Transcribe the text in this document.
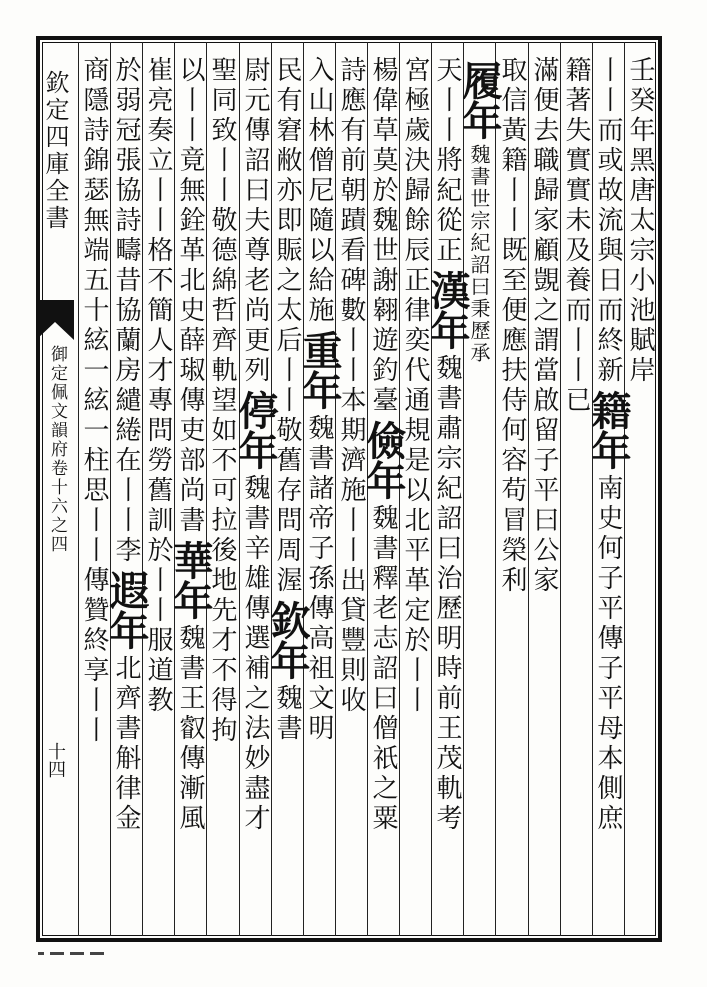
欽定四庫全書
御定佩文韻府卷十六之四
十四
壬癸年黑唐太宗小池賦岸
丨丨而或故流與日而終新籍年南史何子平傳子平母本側庶
籍著失實實未及養而丨丨已
滿便去職歸家顧覬之謂當啟留子平曰公家
取信黃籍丨丨既至便應扶侍何容苟冒榮利
履年魏書世宗紀詔曰秉歷承
天丨丨將紀從正漢年魏書肅宗紀詔曰治歷明時前王茂軌考
宮極歲決歸餘辰正律奕代通規是以北平革定於丨丨
楊偉草莫於魏世謝翱遊釣臺儉年魏書釋老志詔曰僧祇之粟
詩應有前朝蹟看碑數丨丨本期濟施丨丨出貸豐則收
入山林僧尼隨以給施重年魏書諸帝子孫傳高祖文明
民有窘敝亦即賑之太后丨丨敬舊存問周渥欽年魏書
尉元傳詔曰夫尊老尚更列停年魏書辛雄傳選補之法妙盡才
聖同致丨丨敬德綿哲齊軌望如不可拉後地先才不得拘
以丨丨竟無銓革北史薛琡傳吏部尚書華年魏書王叡傳漸風
崔亮奏立丨丨格不簡人才專問勞舊訓於丨丨服道教
於弱冠張協詩疇昔協蘭房繾綣在丨丨李遐年北齊書斛律金
商隱詩錦瑟無端五十絃一絃一柱思丨丨傳贊終享丨丨
